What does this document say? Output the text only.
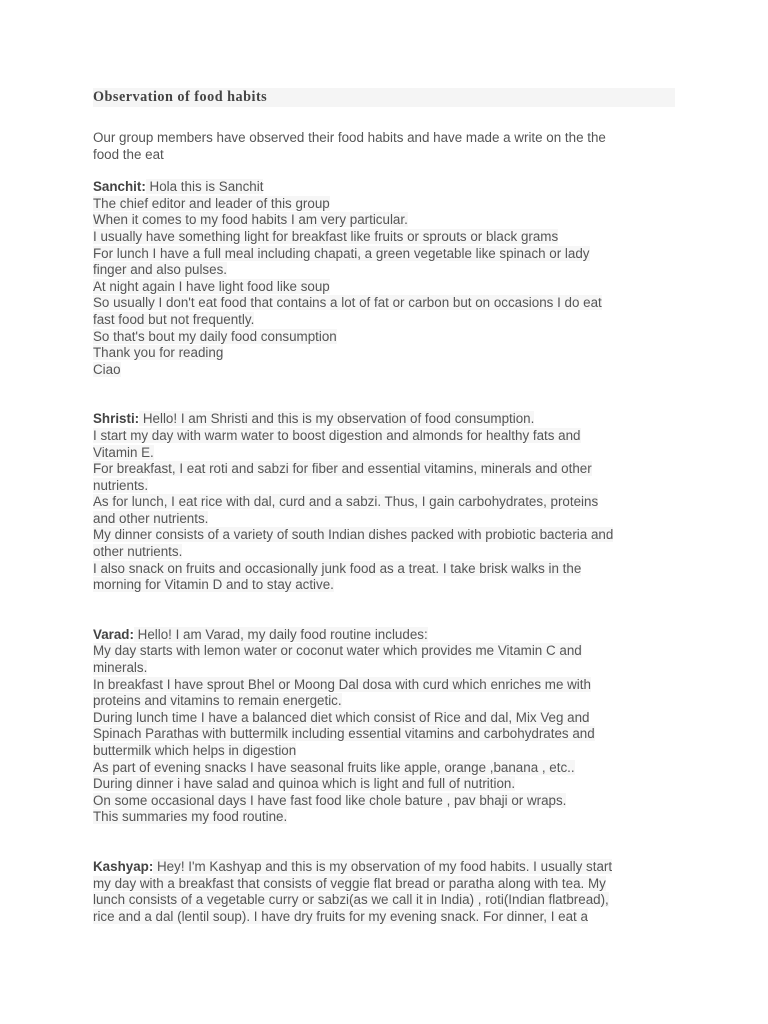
Observation of food habits
Our group members have observed their food habits and have made a write on the the
food the eat
Sanchit: Hola this is Sanchit
The chief editor and leader of this group
When it comes to my food habits I am very particular.
I usually have something light for breakfast like fruits or sprouts or black grams
For lunch I have a full meal including chapati, a green vegetable like spinach or lady
finger and also pulses.
At night again I have light food like soup
So usually I don't eat food that contains a lot of fat or carbon but on occasions I do eat
fast food but not frequently.
So that's bout my daily food consumption
Thank you for reading
Ciao
Shristi: Hello! I am Shristi and this is my observation of food consumption.
I start my day with warm water to boost digestion and almonds for healthy fats and
Vitamin E.
For breakfast, I eat roti and sabzi for fiber and essential vitamins, minerals and other
nutrients.
As for lunch, I eat rice with dal, curd and a sabzi. Thus, I gain carbohydrates, proteins
and other nutrients.
My dinner consists of a variety of south Indian dishes packed with probiotic bacteria and
other nutrients.
I also snack on fruits and occasionally junk food as a treat. I take brisk walks in the
morning for Vitamin D and to stay active.
Varad: Hello! I am Varad, my daily food routine includes:
My day starts with lemon water or coconut water which provides me Vitamin C and
minerals.
In breakfast I have sprout Bhel or Moong Dal dosa with curd which enriches me with
proteins and vitamins to remain energetic.
During lunch time I have a balanced diet which consist of Rice and dal, Mix Veg and
Spinach Parathas with buttermilk including essential vitamins and carbohydrates and
buttermilk which helps in digestion
As part of evening snacks I have seasonal fruits like apple, orange ,banana , etc..
During dinner i have salad and quinoa which is light and full of nutrition.
On some occasional days I have fast food like chole bature , pav bhaji or wraps.
This summaries my food routine.
Kashyap: Hey! I'm Kashyap and this is my observation of my food habits. I usually start
my day with a breakfast that consists of veggie flat bread or paratha along with tea. My
lunch consists of a vegetable curry or sabzi(as we call it in India) , roti(Indian flatbread),
rice and a dal (lentil soup). I have dry fruits for my evening snack. For dinner, I eat a
